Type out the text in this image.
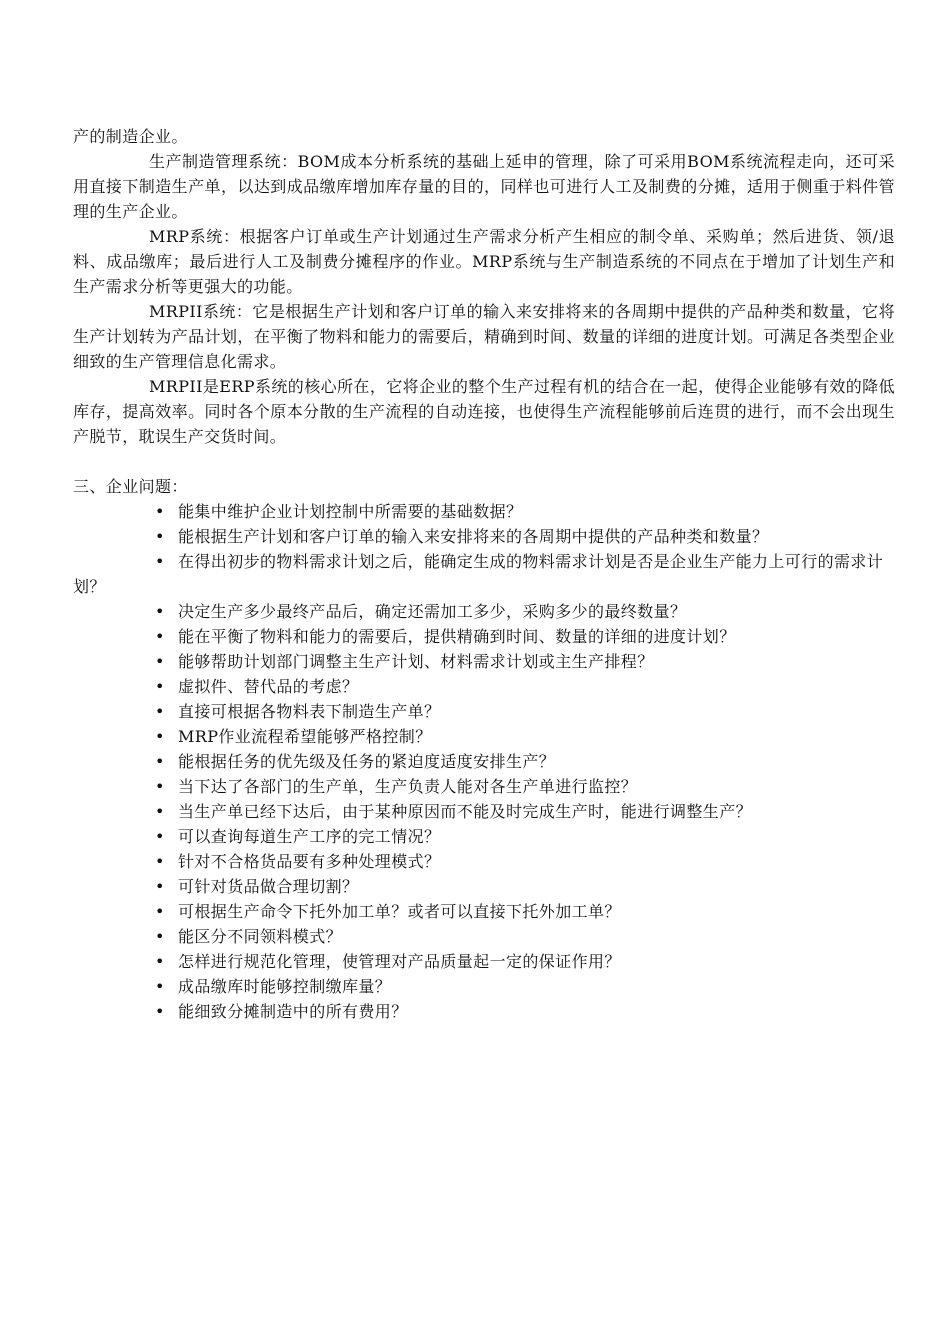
产的制造企业。

生产制造管理系统：BOM成本分析系统的基础上延申的管理，除了可采用BOM系统流程走向，还可采用直接下制造生产单，以达到成品缴库增加库存量的目的，同样也可进行人工及制费的分摊，适用于侧重于料件管理的生产企业。

MRP系统：根据客户订单或生产计划通过生产需求分析产生相应的制令单、采购单；然后进货、领/退料、成品缴库；最后进行人工及制费分摊程序的作业。MRP系统与生产制造系统的不同点在于增加了计划生产和生产需求分析等更强大的功能。

MRPII系统：它是根据生产计划和客户订单的输入来安排将来的各周期中提供的产品种类和数量，它将生产计划转为产品计划，在平衡了物料和能力的需要后，精确到时间、数量的详细的进度计划。可满足各类型企业细致的生产管理信息化需求。

MRPII是ERP系统的核心所在，它将企业的整个生产过程有机的结合在一起，使得企业能够有效的降低库存，提高效率。同时各个原本分散的生产流程的自动连接，也使得生产流程能够前后连贯的进行，而不会出现生产脱节，耽误生产交货时间。

三、企业问题：

• 能集中维护企业计划控制中所需要的基础数据？
• 能根据生产计划和客户订单的输入来安排将来的各周期中提供的产品种类和数量？
• 在得出初步的物料需求计划之后，能确定生成的物料需求计划是否是企业生产能力上可行的需求计划？
• 决定生产多少最终产品后，确定还需加工多少，采购多少的最终数量？
• 能在平衡了物料和能力的需要后，提供精确到时间、数量的详细的进度计划？
• 能够帮助计划部门调整主生产计划、材料需求计划或主生产排程？
• 虚拟件、替代品的考虑？
• 直接可根据各物料表下制造生产单？
• MRP作业流程希望能够严格控制？
• 能根据任务的优先级及任务的紧迫度适度安排生产？
• 当下达了各部门的生产单，生产负责人能对各生产单进行监控？
• 当生产单已经下达后，由于某种原因而不能及时完成生产时，能进行调整生产？
• 可以查询每道生产工序的完工情况？
• 针对不合格货品要有多种处理模式？
• 可针对货品做合理切割？
• 可根据生产命令下托外加工单？或者可以直接下托外加工单？
• 能区分不同领料模式？
• 怎样进行规范化管理，使管理对产品质量起一定的保证作用？
• 成品缴库时能够控制缴库量？
• 能细致分摊制造中的所有费用？
